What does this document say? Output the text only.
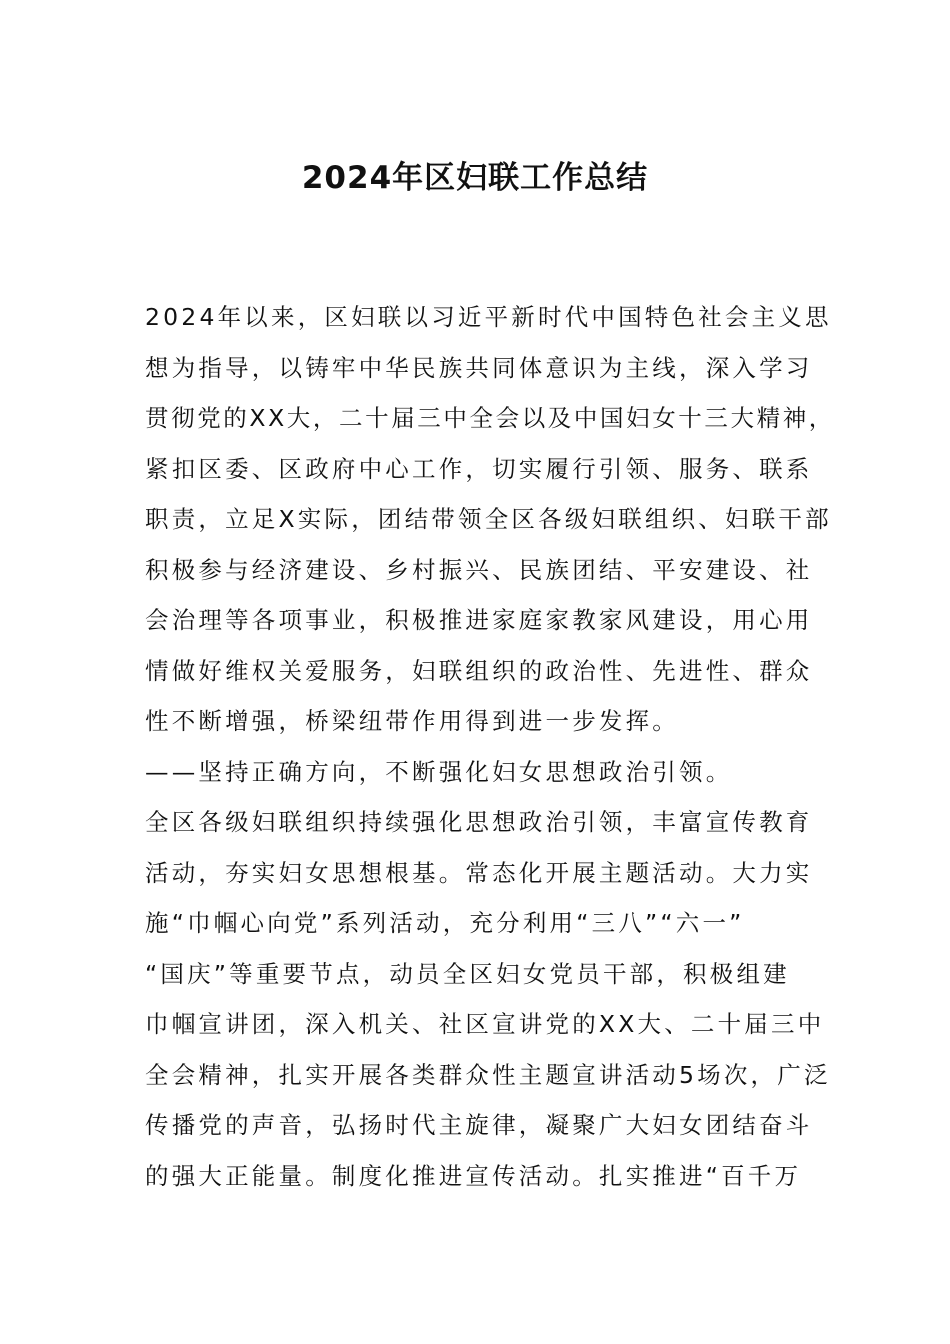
2024年区妇联工作总结
2024年以来，区妇联以习近平新时代中国特色社会主义思
想为指导，以铸牢中华民族共同体意识为主线，深入学习
贯彻党的XX大，二十届三中全会以及中国妇女十三大精神，
紧扣区委、区政府中心工作，切实履行引领、服务、联系
职责，立足X实际，团结带领全区各级妇联组织、妇联干部
积极参与经济建设、乡村振兴、民族团结、平安建设、社
会治理等各项事业，积极推进家庭家教家风建设，用心用
情做好维权关爱服务，妇联组织的政治性、先进性、群众
性不断增强，桥梁纽带作用得到进一步发挥。
——坚持正确方向，不断强化妇女思想政治引领。
全区各级妇联组织持续强化思想政治引领，丰富宣传教育
活动，夯实妇女思想根基。常态化开展主题活动。大力实
施“巾帼心向党”系列活动，充分利用“三八”“六一”
“国庆”等重要节点，动员全区妇女党员干部，积极组建
巾帼宣讲团，深入机关、社区宣讲党的XX大、二十届三中
全会精神，扎实开展各类群众性主题宣讲活动5场次，广泛
传播党的声音，弘扬时代主旋律，凝聚广大妇女团结奋斗
的强大正能量。制度化推进宣传活动。扎实推进“百千万
